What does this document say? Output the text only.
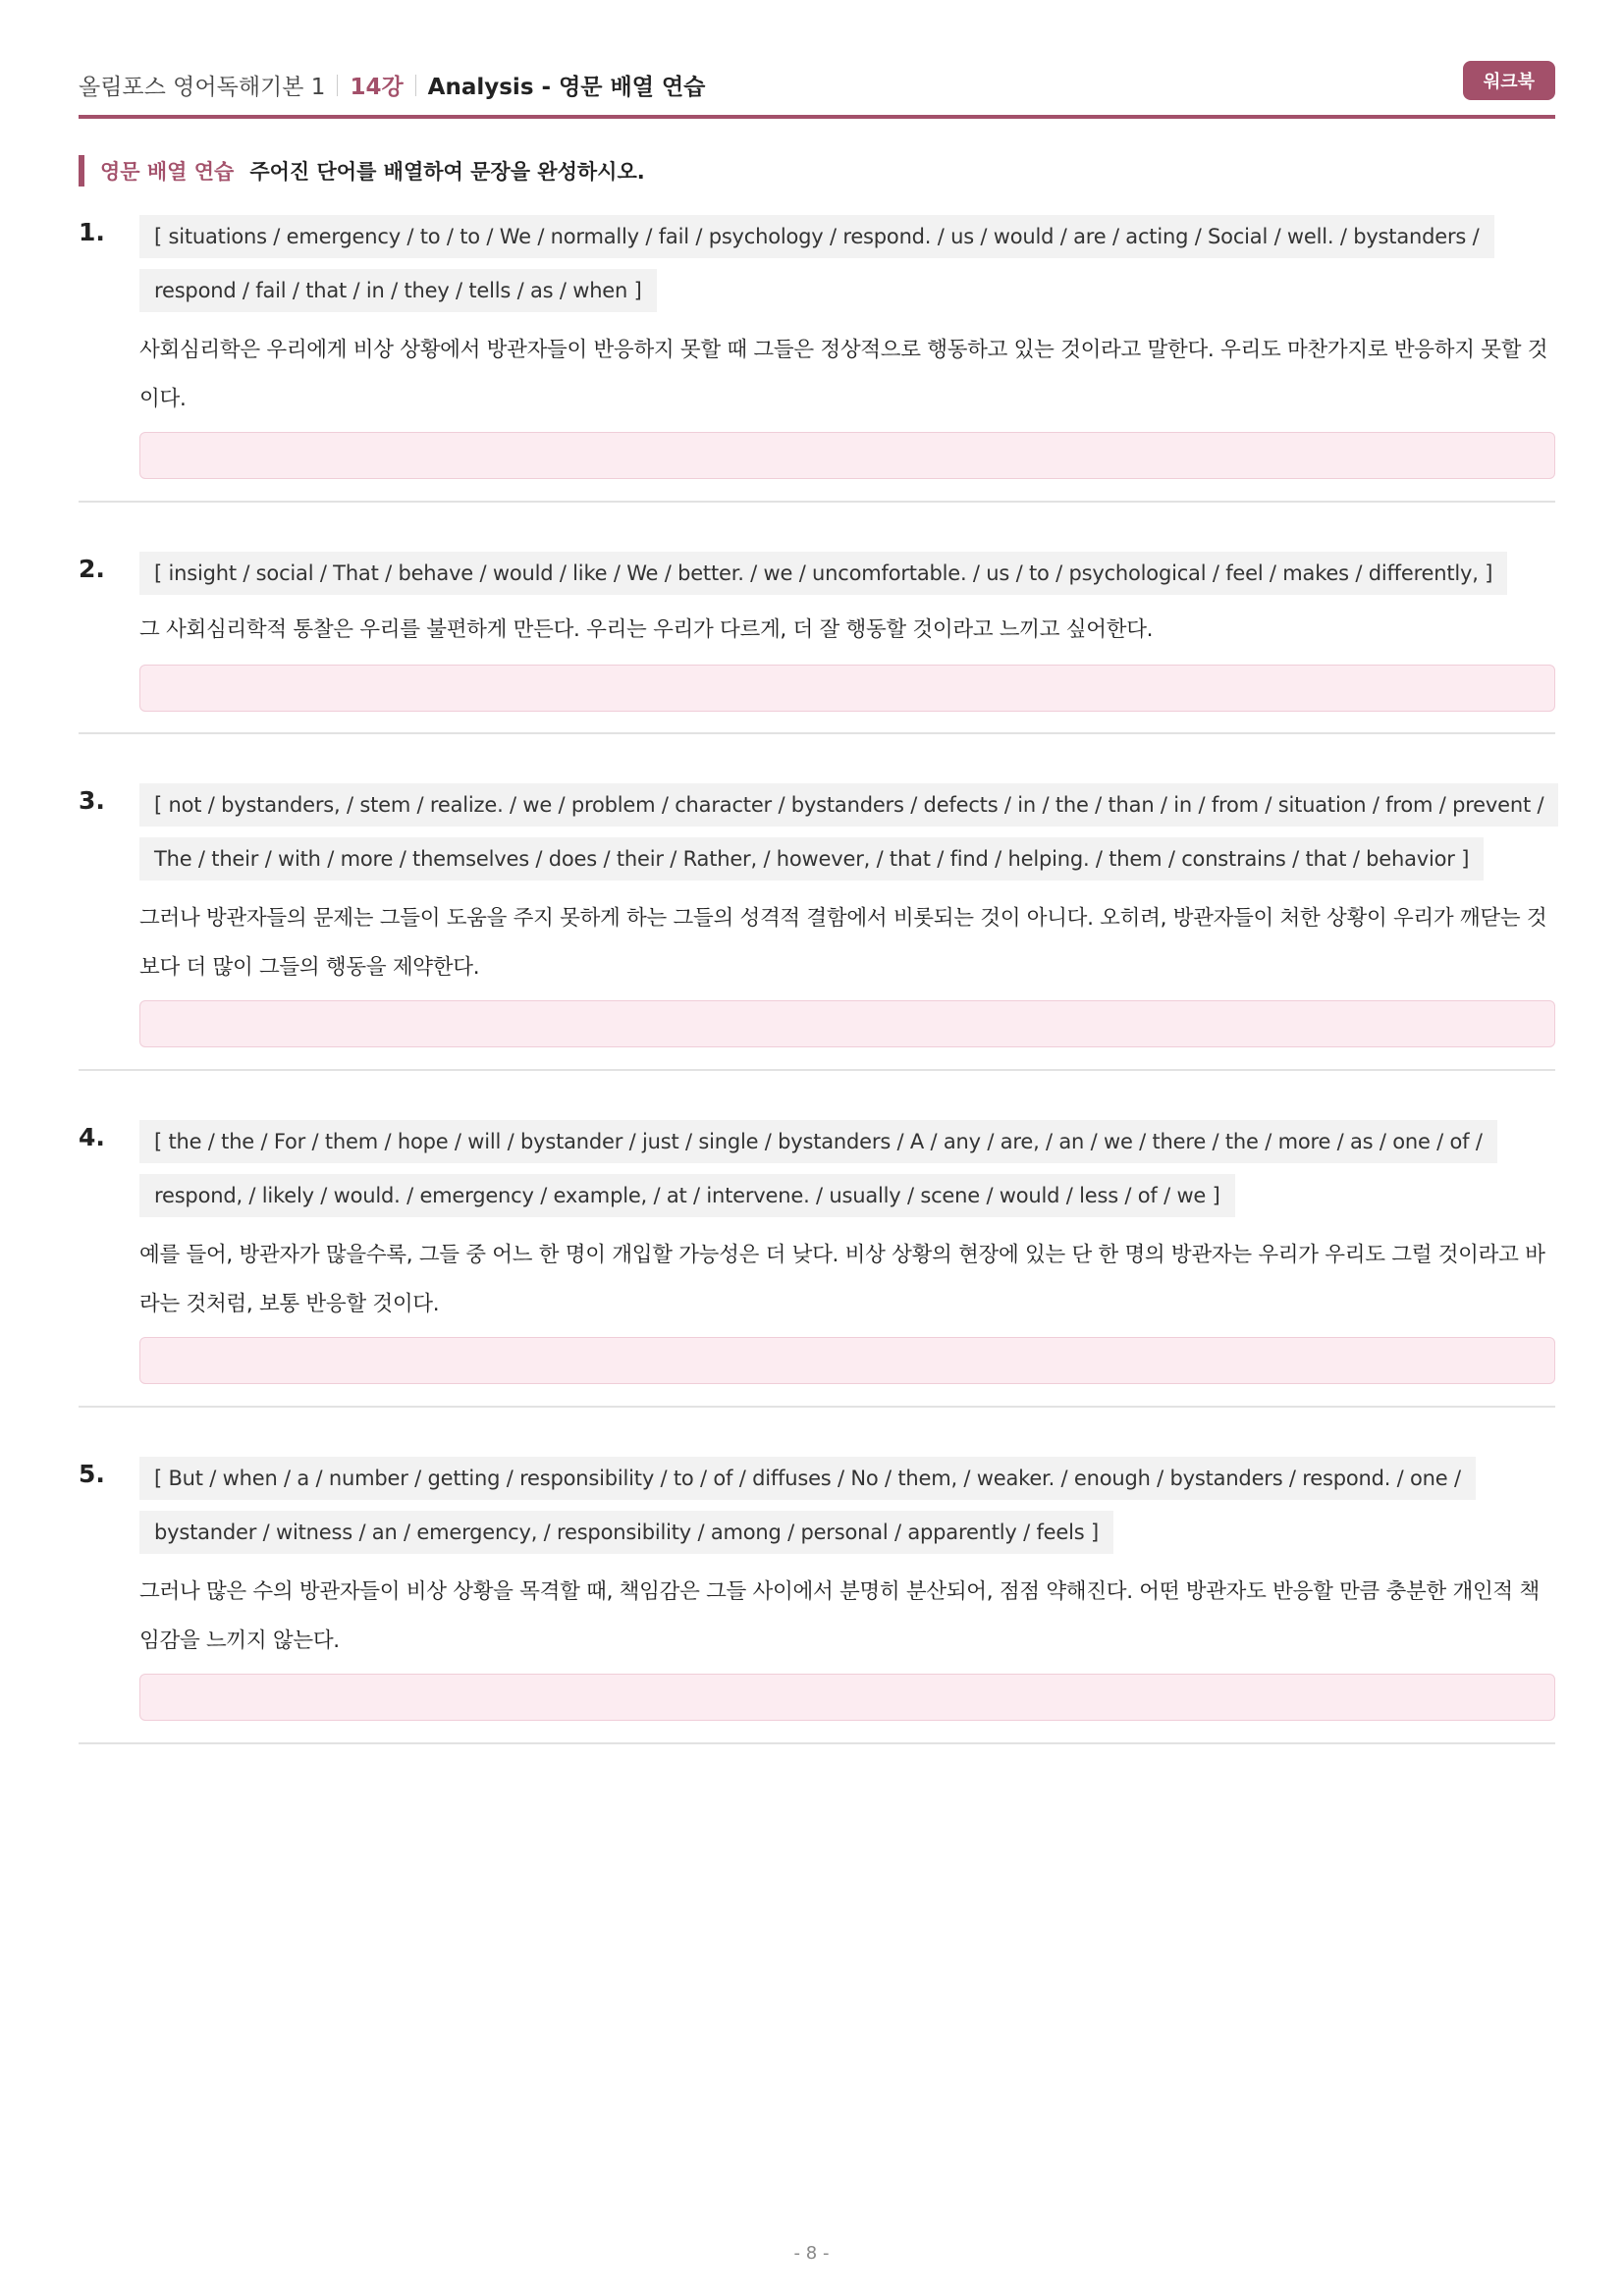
올림포스 영어독해기본 1 14강 Analysis - 영문 배열 연습	워크북
영문 배열 연습 주어진 단어를 배열하여 문장을 완성하시오.
1.	[ situations / emergency / to / to / We / normally / fail / psychology / respond. / us / would / are / acting / Social / well. / bystanders / respond / fail / that / in / they / tells / as / when ]
사회심리학은 우리에게 비상 상황에서 방관자들이 반응하지 못할 때 그들은 정상적으로 행동하고 있는 것이라고 말한다. 우리도 마찬가지로 반응하지 못할 것이다.
2.	[ insight / social / That / behave / would / like / We / better. / we / uncomfortable. / us / to / psychological / feel / makes / differently, ]
그 사회심리학적 통찰은 우리를 불편하게 만든다. 우리는 우리가 다르게, 더 잘 행동할 것이라고 느끼고 싶어한다.
3.	[ not / bystanders, / stem / realize. / we / problem / character / bystanders / defects / in / the / than / in / from / situation / from / prevent / The / their / with / more / themselves / does / their / Rather, / however, / that / find / helping. / them / constrains / that / behavior ]
그러나 방관자들의 문제는 그들이 도움을 주지 못하게 하는 그들의 성격적 결함에서 비롯되는 것이 아니다. 오히려, 방관자들이 처한 상황이 우리가 깨닫는 것보다 더 많이 그들의 행동을 제약한다.
4.	[ the / the / For / them / hope / will / bystander / just / single / bystanders / A / any / are, / an / we / there / the / more / as / one / of / respond, / likely / would. / emergency / example, / at / intervene. / usually / scene / would / less / of / we ]
예를 들어, 방관자가 많을수록, 그들 중 어느 한 명이 개입할 가능성은 더 낮다. 비상 상황의 현장에 있는 단 한 명의 방관자는 우리가 우리도 그럴 것이라고 바라는 것처럼, 보통 반응할 것이다.
5.	[ But / when / a / number / getting / responsibility / to / of / diffuses / No / them, / weaker. / enough / bystanders / respond. / one / bystander / witness / an / emergency, / responsibility / among / personal / apparently / feels ]
그러나 많은 수의 방관자들이 비상 상황을 목격할 때, 책임감은 그들 사이에서 분명히 분산되어, 점점 약해진다. 어떤 방관자도 반응할 만큼 충분한 개인적 책임감을 느끼지 않는다.
- 8 -
